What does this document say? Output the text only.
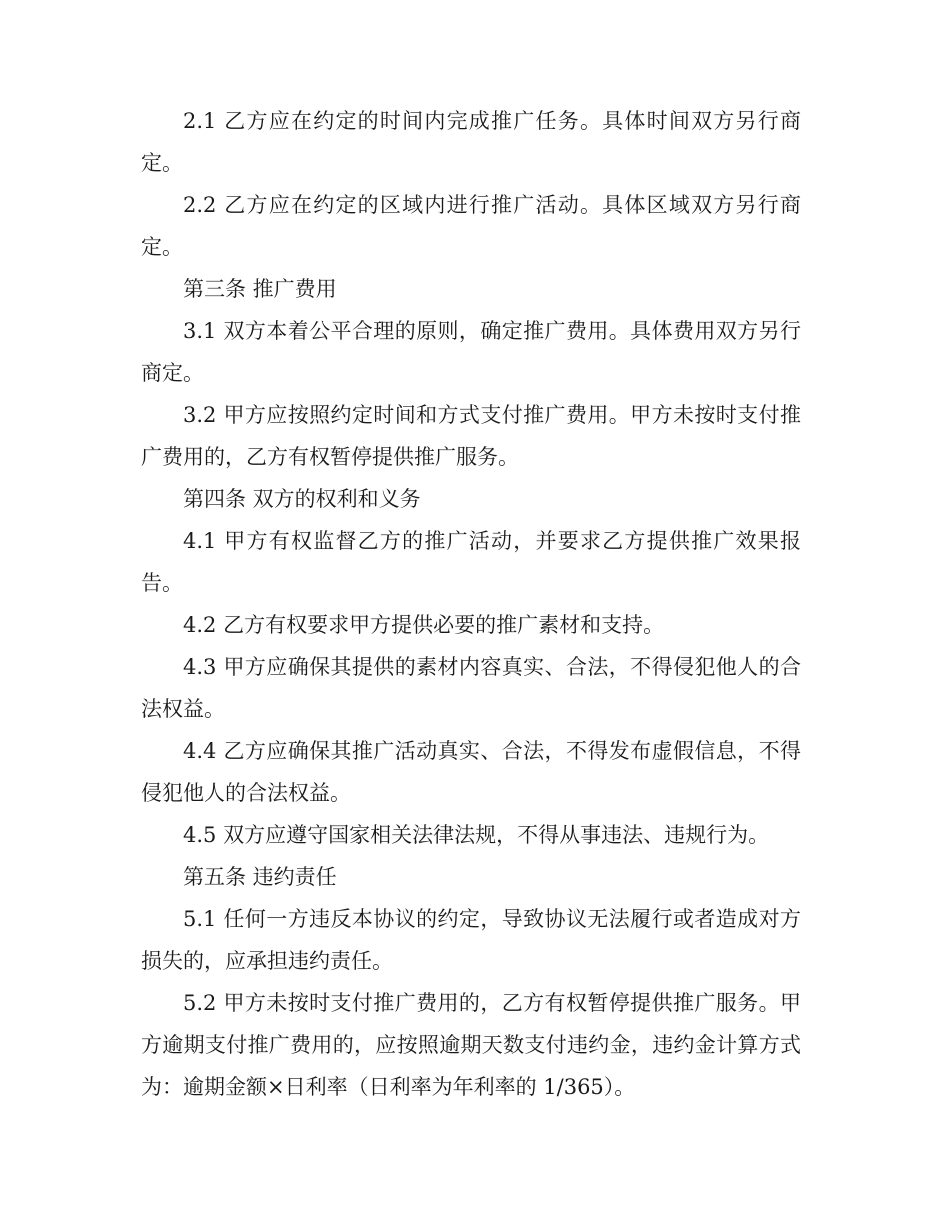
2.1 乙方应在约定的时间内完成推广任务。具体时间双方另行商定。

2.2 乙方应在约定的区域内进行推广活动。具体区域双方另行商定。

第三条 推广费用

3.1 双方本着公平合理的原则，确定推广费用。具体费用双方另行商定。

3.2 甲方应按照约定时间和方式支付推广费用。甲方未按时支付推广费用的，乙方有权暂停提供推广服务。

第四条 双方的权利和义务

4.1 甲方有权监督乙方的推广活动，并要求乙方提供推广效果报告。

4.2 乙方有权要求甲方提供必要的推广素材和支持。

4.3 甲方应确保其提供的素材内容真实、合法，不得侵犯他人的合法权益。

4.4 乙方应确保其推广活动真实、合法，不得发布虚假信息，不得侵犯他人的合法权益。

4.5 双方应遵守国家相关法律法规，不得从事违法、违规行为。

第五条 违约责任

5.1 任何一方违反本协议的约定，导致协议无法履行或者造成对方损失的，应承担违约责任。

5.2 甲方未按时支付推广费用的，乙方有权暂停提供推广服务。甲方逾期支付推广费用的，应按照逾期天数支付违约金，违约金计算方式为：逾期金额×日利率（日利率为年利率的 1/365）。
